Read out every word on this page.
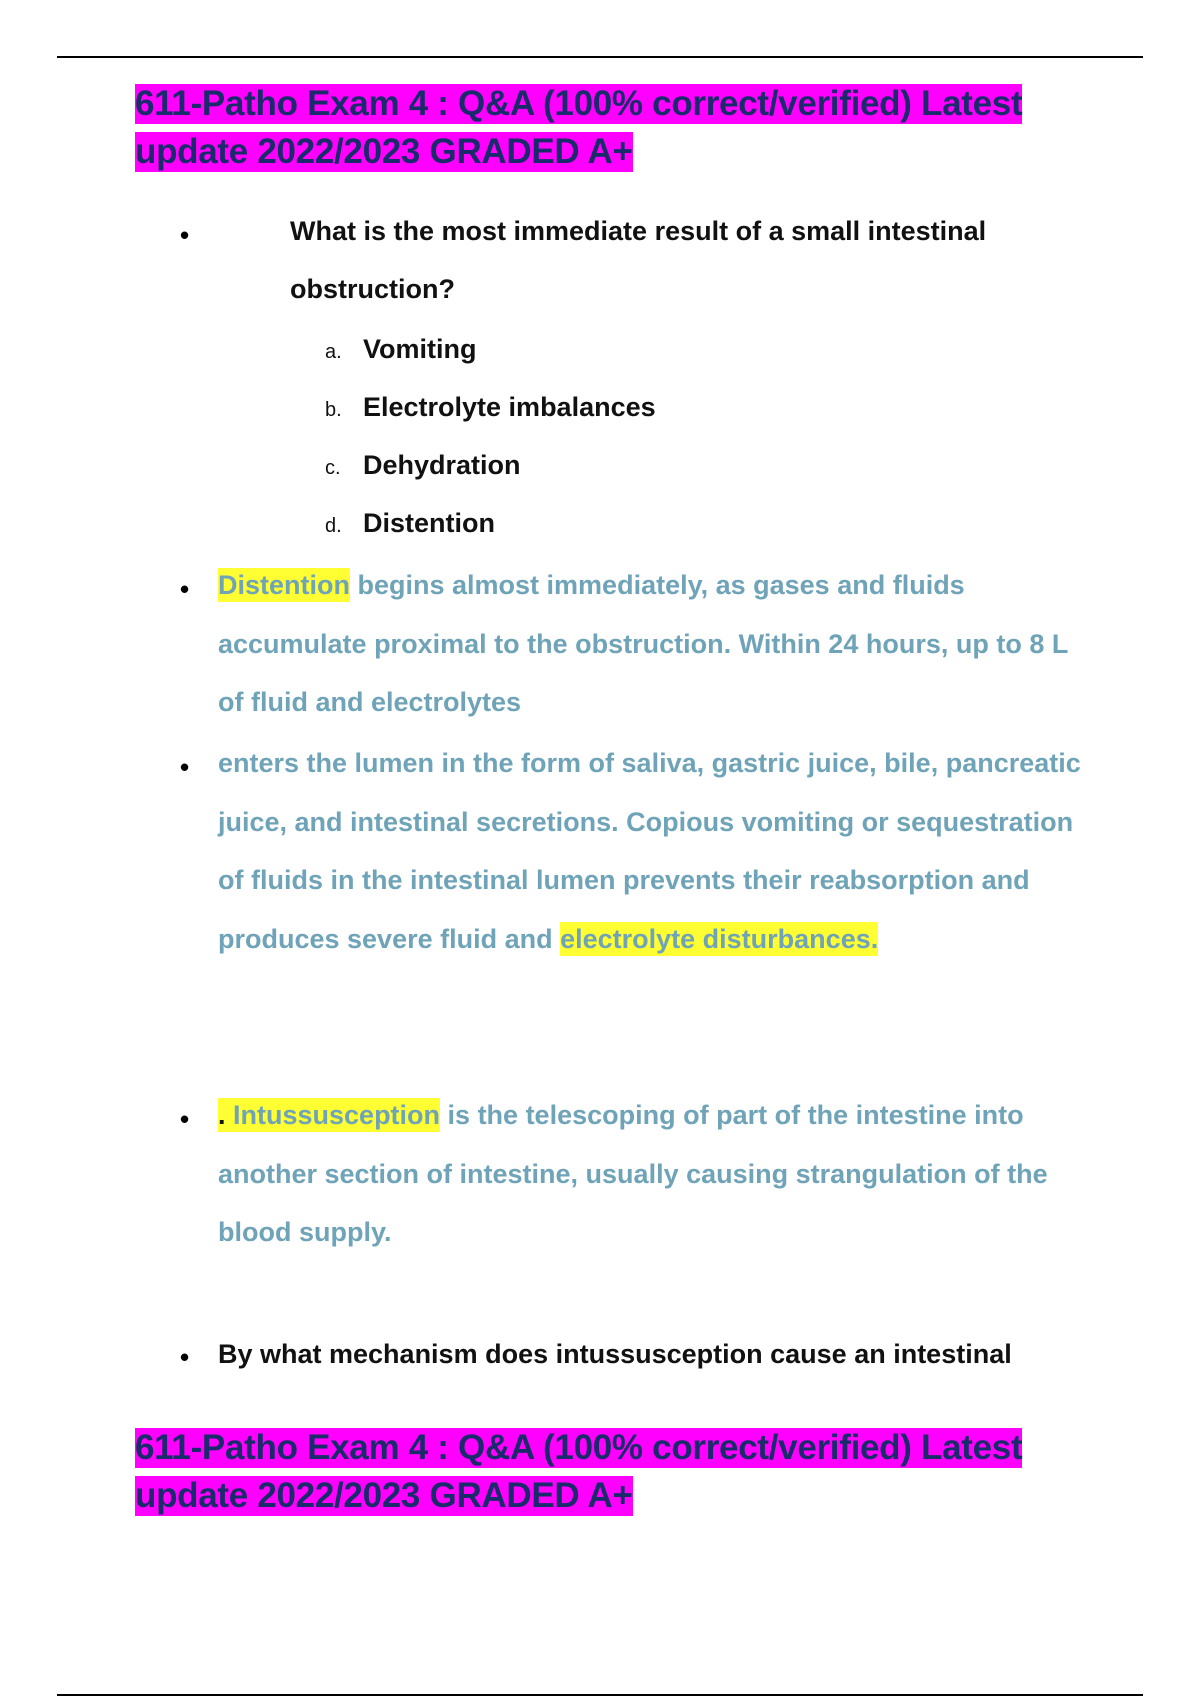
611-Patho Exam 4 : Q&A (100% correct/verified) Latest
update 2022/2023 GRADED A+
•	What is the most immediate result of a small intestinal obstruction?

a. Vomiting
b. Electrolyte imbalances
c. Dehydration
d. Distention
• Distention begins almost immediately, as gases and fluids accumulate proximal to the obstruction. Within 24 hours, up to 8 L of fluid and electrolytes

• enters the lumen in the form of saliva, gastric juice, bile, pancreatic juice, and intestinal secretions. Copious vomiting or sequestration of fluids in the intestinal lumen prevents their reabsorption and produces severe fluid and electrolyte disturbances.

• . Intussusception is the telescoping of part of the intestine into another section of intestine, usually causing strangulation of the blood supply.

• By what mechanism does intussusception cause an intestinal

611-Patho Exam 4 : Q&A (100% correct/verified) Latest
update 2022/2023 GRADED A+
